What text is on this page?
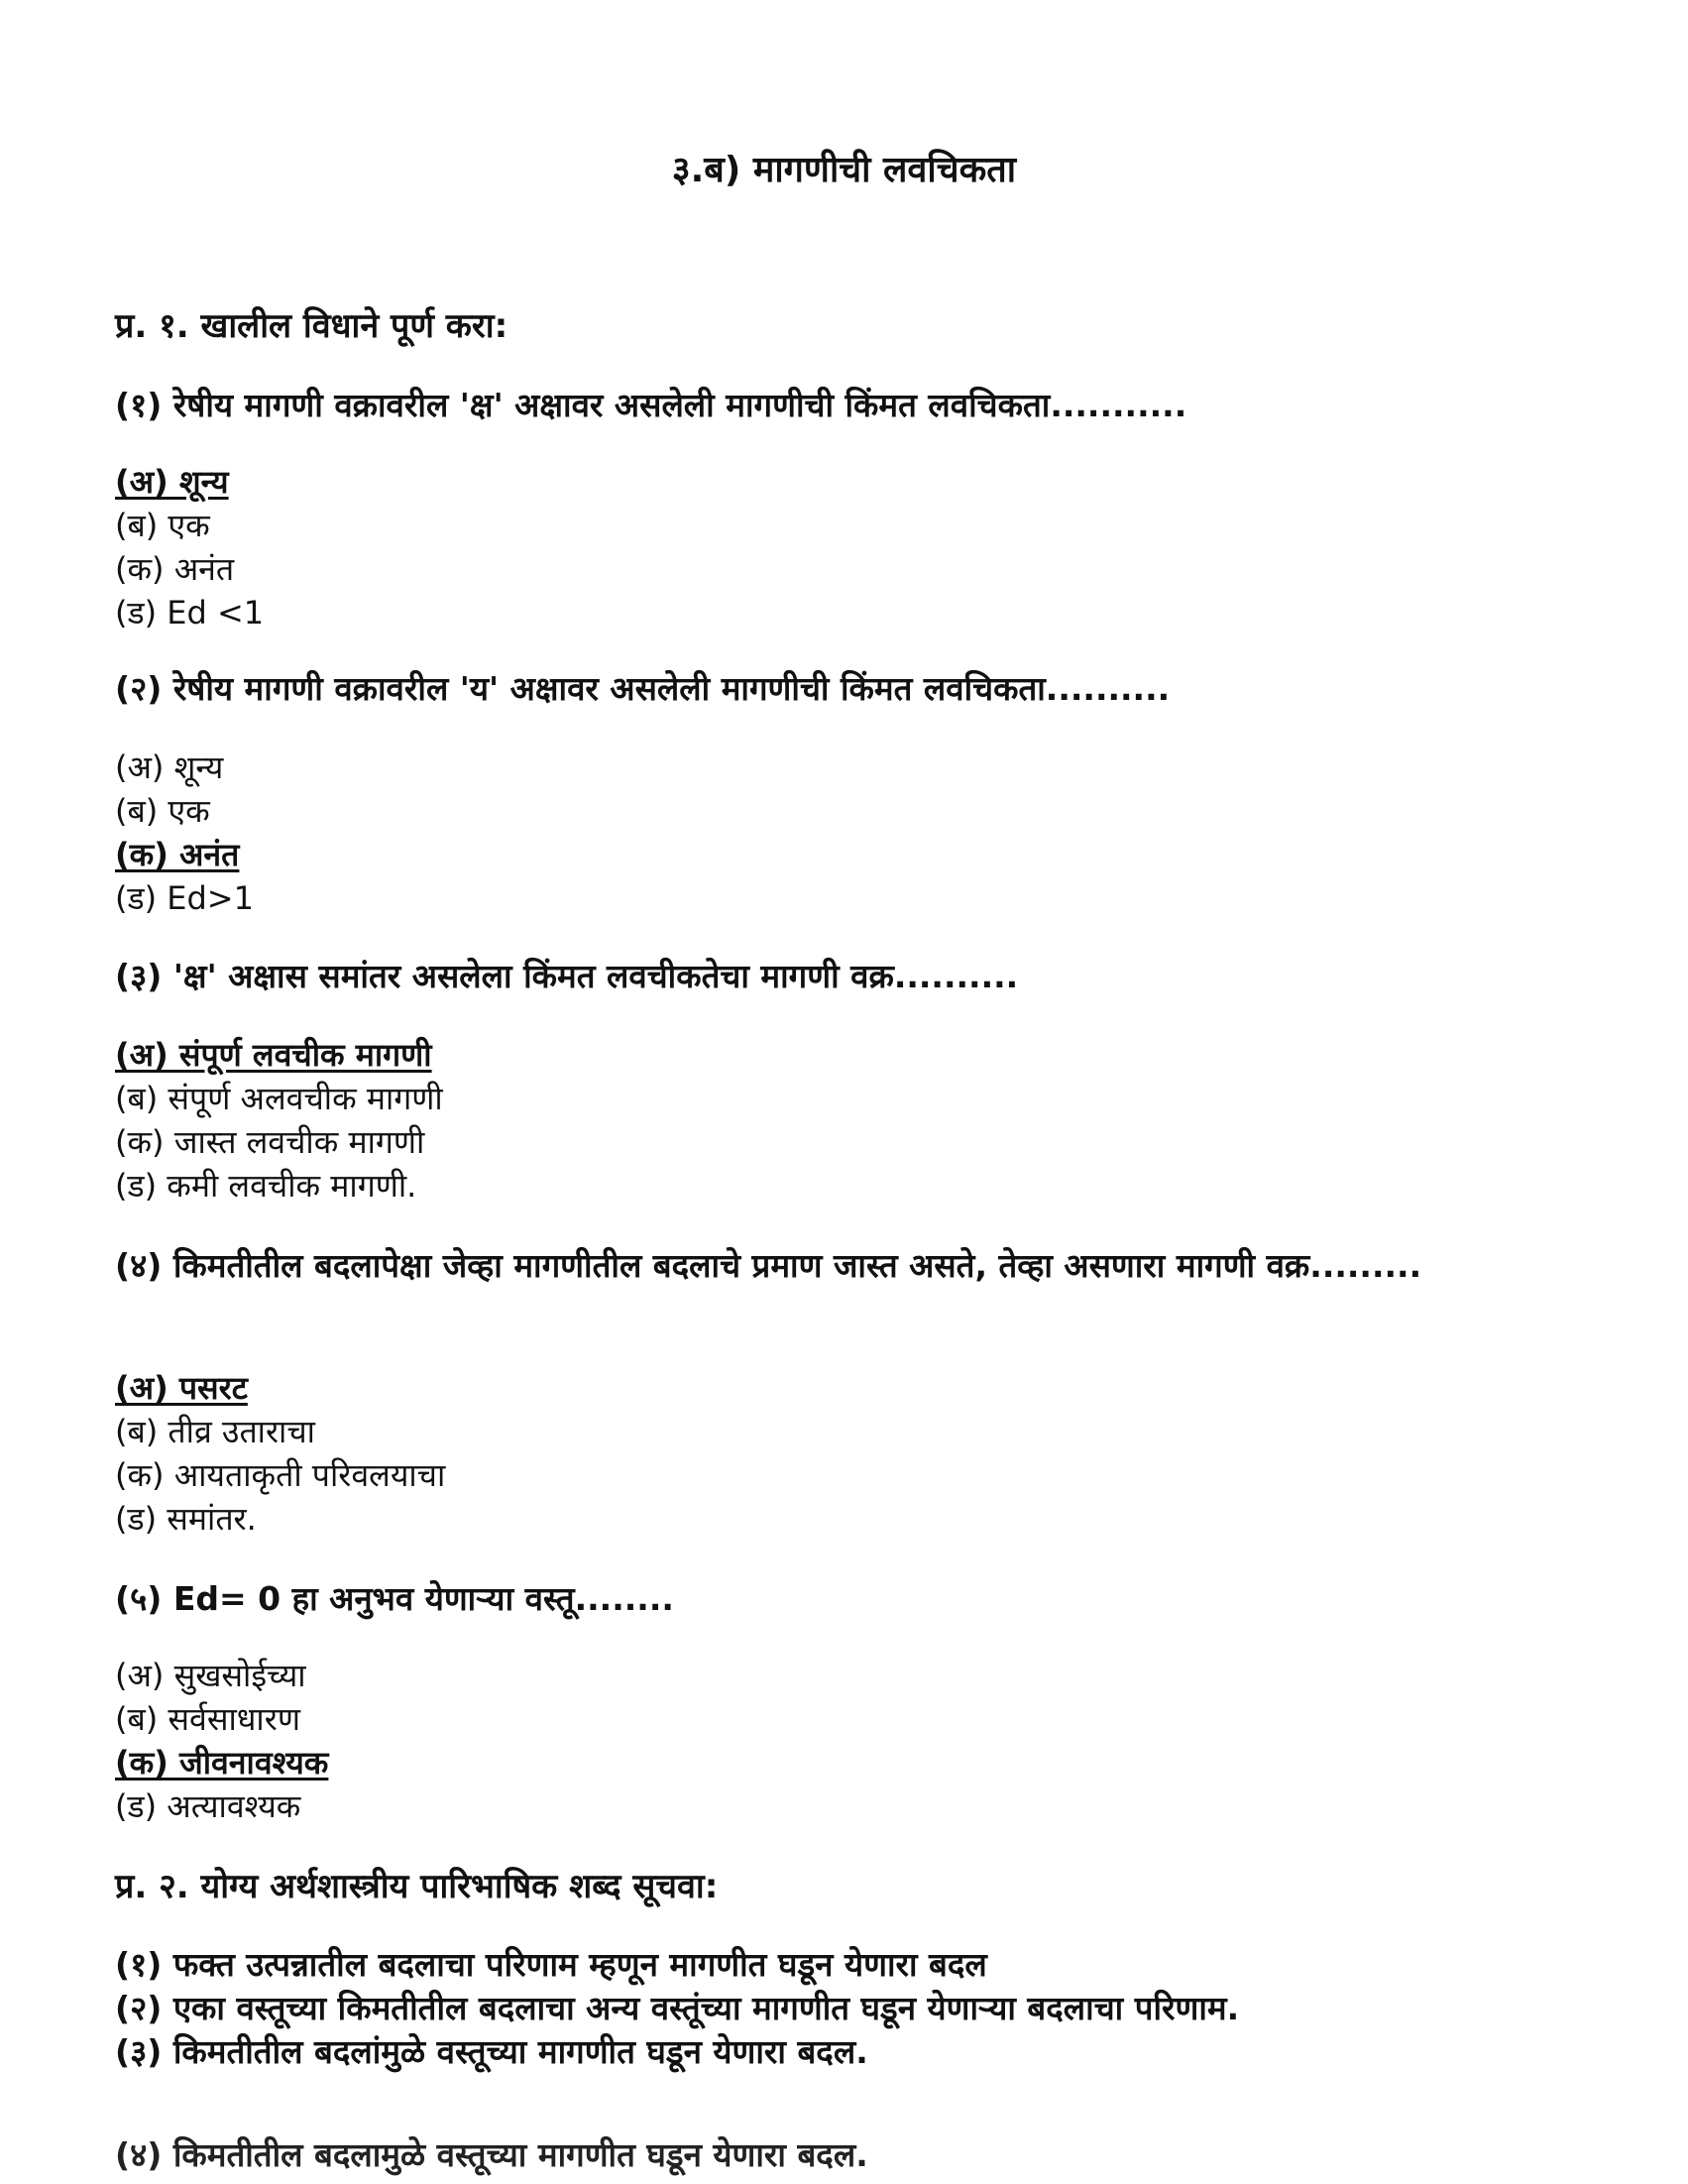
३.ब) मागणीची लवचिकता
प्र. १. खालील विधाने पूर्ण करा:
(१) रेषीय मागणी वक्रावरील 'क्ष' अक्षावर असलेली मागणीची किंमत लवचिकता...........
(अ) शून्य
(ब) एक
(क) अनंत
(ड) Ed <1
(२) रेषीय मागणी वक्रावरील 'य' अक्षावर असलेली मागणीची किंमत लवचिकता..........
(अ) शून्य
(ब) एक
(क) अनंत
(ड) Ed>1
(३) 'क्ष' अक्षास समांतर असलेला किंमत लवचीकतेचा मागणी वक्र..........
(अ) संपूर्ण लवचीक मागणी
(ब) संपूर्ण अलवचीक मागणी
(क) जास्त लवचीक मागणी
(ड) कमी लवचीक मागणी.
(४) किमतीतील बदलापेक्षा जेव्हा मागणीतील बदलाचे प्रमाण जास्त असते, तेव्हा असणारा मागणी वक्र.........
(अ) पसरट
(ब) तीव्र उताराचा
(क) आयताकृती परिवलयाचा
(ड) समांतर.
(५) Ed= 0 हा अनुभव येणाऱ्या वस्तू........
(अ) सुखसोईच्या
(ब) सर्वसाधारण
(क) जीवनावश्यक
(ड) अत्यावश्यक
प्र. २. योग्य अर्थशास्त्रीय पारिभाषिक शब्द सूचवा:
(१) फक्त उत्पन्नातील बदलाचा परिणाम म्हणून मागणीत घडून येणारा बदल
(२) एका वस्तूच्या किमतीतील बदलाचा अन्य वस्तूंच्या मागणीत घडून येणाऱ्या बदलाचा परिणाम.
(३) किमतीतील बदलांमुळे वस्तूच्या मागणीत घडून येणारा बदल.
(४) किमतीतील बदलामुळे वस्तूच्या मागणीत घडून येणारा बदल.
